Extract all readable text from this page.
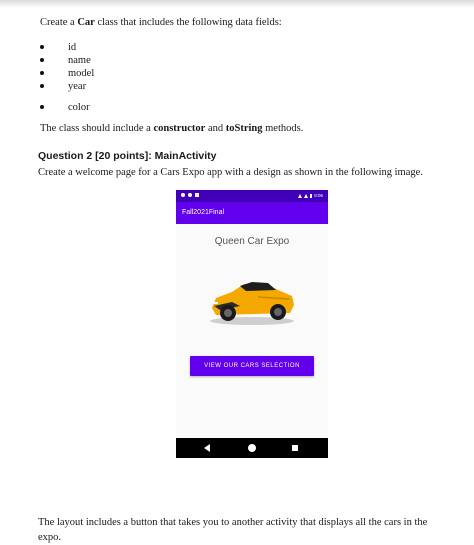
Create a Car class that includes the following data fields:
id
name
model
year
color
The class should include a constructor and toString methods.
Question 2 [20 points]: MainActivity
Create a welcome page for a Cars Expo app with a design as shown in the following image.
8:06
Fall2021Final
Queen Car Expo
VIEW OUR CARS SELECTION
The layout includes a button that takes you to another activity that displays all the cars in the
expo.
